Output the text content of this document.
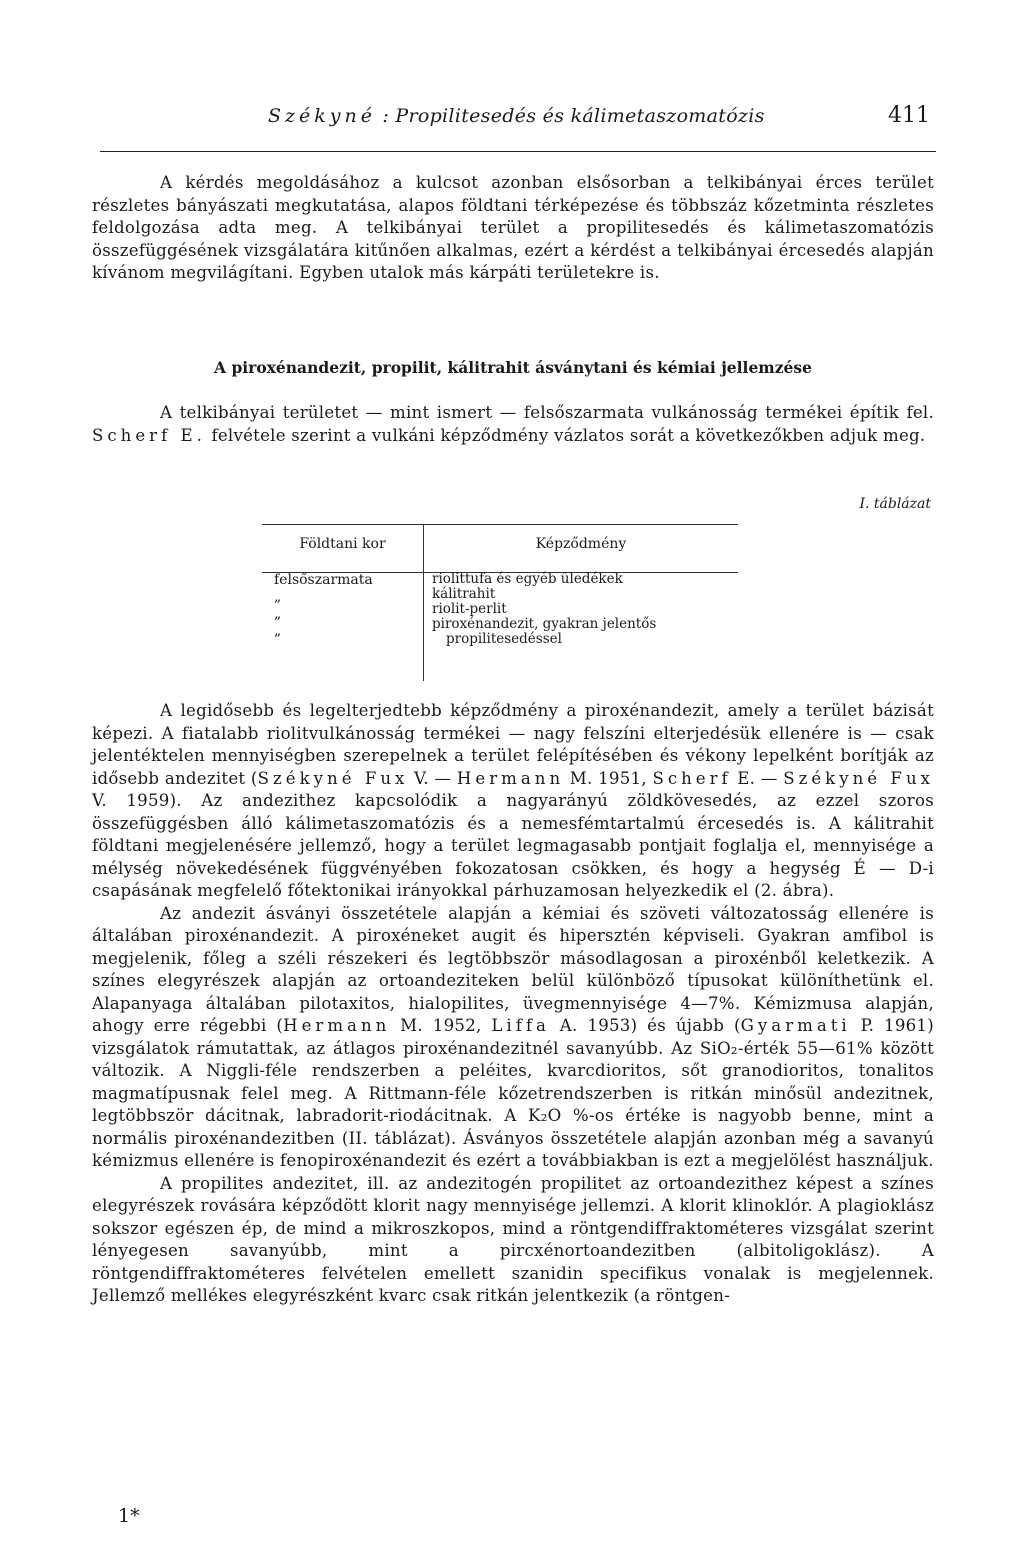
Székyné : Propilitesedés és kálimetaszomatózis	411

A kérdés megoldásához a kulcsot azonban elsősorban a telkibányai érces terület részletes bányászati megkutatása, alapos földtani térképezése és többszáz kőzetminta részletes feldolgozása adta meg. A telkibányai terület a propilitesedés és kálimetaszomatózis összefüggésének vizsgálatára kitűnően alkalmas, ezért a kérdést a telkibányai ércesedés alapján kívánom megvilágítani. Egyben utalok más kárpáti területekre is.

A piroxénandezit, propilit, kálitrahit ásványtani és kémiai jellemzése

A telkibányai területet — mint ismert — felsőszarmata vulkánosság termékei építik fel. Scherf E. felvétele szerint a vulkáni képződmény vázlatos sorát a következőkben adjuk meg.

I. táblázat
Földtani kor	Képződmény
felsőszarmata
„
„
„
riolittufa és egyéb üledékek
kálitrahit
riolit-perlit
piroxénandezit, gyakran jelentős
propilitesedéssel

A legidősebb és legelterjedtebb képződmény a piroxénandezit, amely a terület bázisát képezi. A fiatalabb riolitvulkánosság termékei — nagy felszíni elterjedésük ellenére is — csak jelentéktelen mennyiségben szerepelnek a terület felépítésében és vékony lepelként borítják az idősebb andezitet (Székyné Fux V. — Hermann M. 1951, Scherf E. — Székyné Fux V. 1959). Az andezithez kapcsolódik a nagyarányú zöldkövesedés, az ezzel szoros összefüggésben álló kálimetaszomatózis és a nemesfémtartalmú ércesedés is. A kálitrahit földtani megjelenésére jellemző, hogy a terület legmagasabb pontjait foglalja el, mennyisége a mélység növekedésének függvényében fokozatosan csökken, és hogy a hegység É — D-i csapásának megfelelő főtektonikai irányokkal párhuzamosan helyezkedik el (2. ábra).

Az andezit ásványi összetétele alapján a kémiai és szöveti változatosság ellenére is általában piroxénandezit. A piroxéneket augit és hipersztén képviseli. Gyakran amfibol is megjelenik, főleg a széli részekeri és legtöbbször másodlagosan a piroxénből keletkezik. A színes elegyrészek alapján az ortoandeziteken belül különböző típusokat különíthetünk el. Alapanyaga általában pilotaxitos, hialopilites, üvegmennyisége 4—7%. Kémizmusa alapján, ahogy erre régebbi (Hermann M. 1952, Liffa A. 1953) és újabb (Gyarmati P. 1961) vizsgálatok rámutattak, az átlagos piroxénandezitnél savanyúbb. Az SiO₂-érték 55—61% között változik. A Niggli-féle rendszerben a peléites, kvarcdioritos, sőt granodioritos, tonalitos magmatípusnak felel meg. A Rittmann-féle kőzetrendszerben is ritkán minősül andezitnek, legtöbbször dácitnak, labradorit-riodácitnak. A K₂O %-os értéke is nagyobb benne, mint a normális piroxénandezitben (II. táblázat). Ásványos összetétele alapján azonban még a savanyú kémizmus ellenére is fenopiroxénandezit és ezért a továbbiakban is ezt a megjelölést használjuk.

A propilites andezitet, ill. az andezitogén propilitet az ortoandezithez képest a színes elegyrészek rovására képződött klorit nagy mennyisége jellemzi. A klorit klinoklór. A plagioklász sokszor egészen ép, de mind a mikroszkopos, mind a röntgendiffraktométeres vizsgálat szerint lényegesen savanyúbb, mint a pircxénortoandezitben (albitoligoklász). A röntgendiffraktométeres felvételen emellett szanidin specifikus vonalak is megjelennek. Jellemző mellékes elegyrészként kvarc csak ritkán jelentkezik (a röntgen-

1*
